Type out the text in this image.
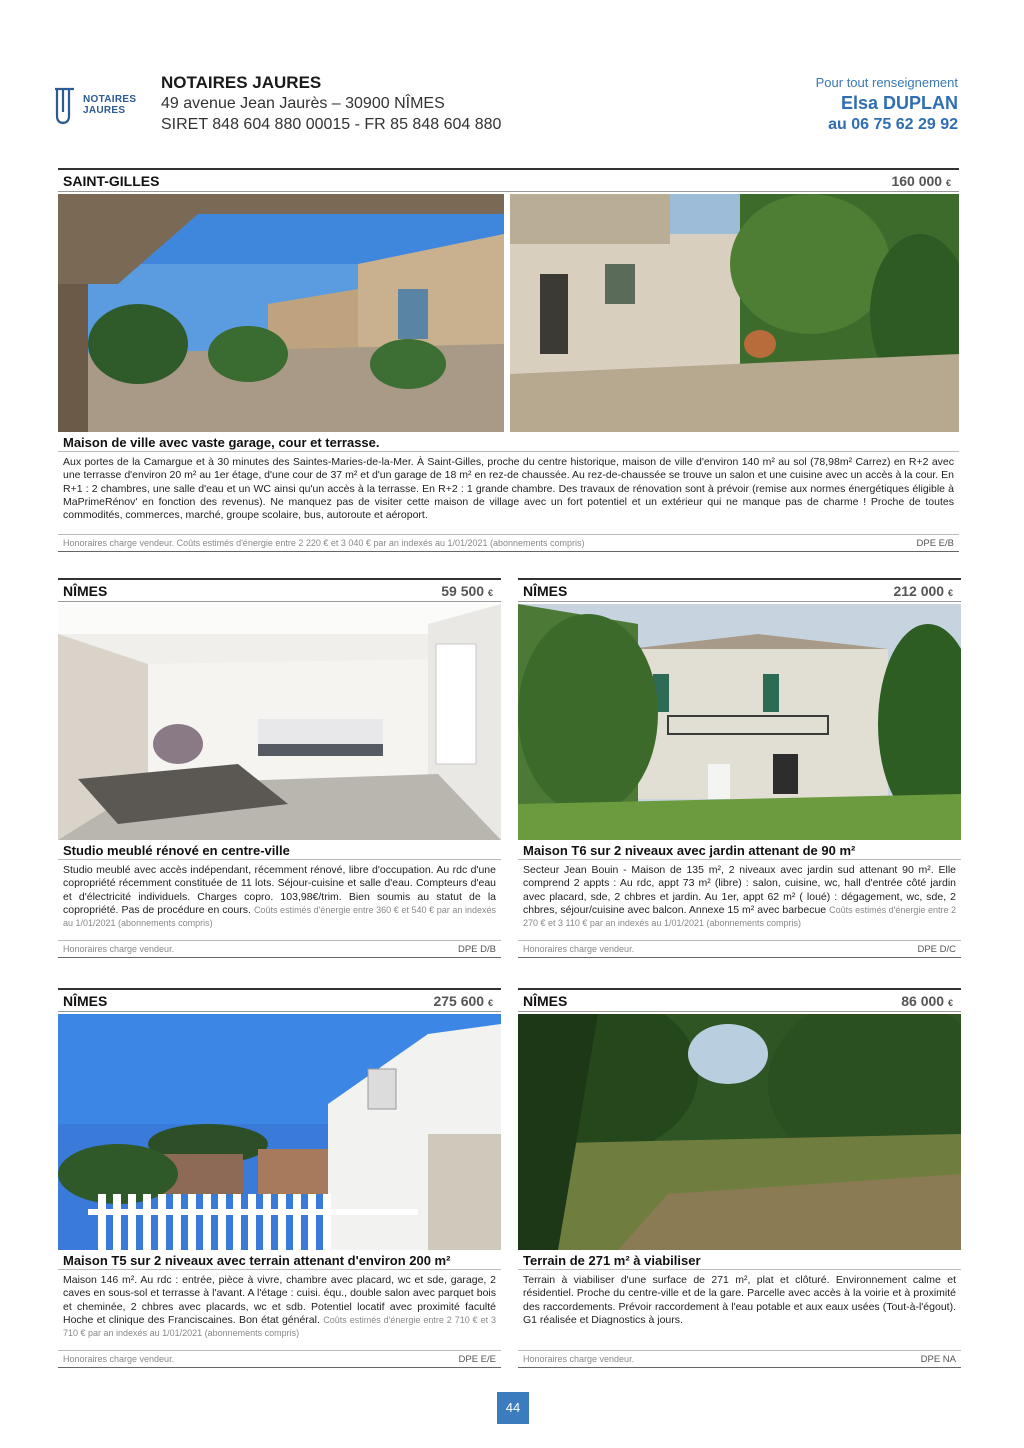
NOTAIRES
JAURES
NOTAIRES JAURES
49 avenue Jean Jaurès – 30900 NÎMES
SIRET 848 604 880 00015 - FR 85 848 604 880
Pour tout renseignement
Elsa DUPLAN
au 06 75 62 29 92
SAINT-GILLES	160 000 €
Maison de ville avec vaste garage, cour et terrasse.
Aux portes de la Camargue et à 30 minutes des Saintes-Maries-de-la-Mer. À Saint-Gilles, proche du centre historique, maison de ville d'environ 140 m² au sol (78,98m² Carrez) en R+2 avec une terrasse d'environ 20 m² au 1er étage, d'une cour de 37 m² et d'un garage de 18 m² en rez-de chaussée. Au rez-de-chaussée se trouve un salon et une cuisine avec un accès à la cour. En R+1 : 2 chambres, une salle d'eau et un WC ainsi qu'un accès à la terrasse. En R+2 : 1 grande chambre. Des travaux de rénovation sont à prévoir (remise aux normes énergétiques éligible à MaPrimeRénov' en fonction des revenus). Ne manquez pas de visiter cette maison de village avec un fort potentiel et un extérieur qui ne manque pas de charme ! Proche de toutes commodités, commerces, marché, groupe scolaire, bus, autoroute et aéroport.
Honoraires charge vendeur. Coûts estimés d'énergie entre 2 220 € et 3 040 € par an indexés au 1/01/2021 (abonnements compris)	DPE E/B
NÎMES	59 500 €
Studio meublé rénové en centre-ville
Studio meublé avec accès indépendant, récemment rénové, libre d'occupation. Au rdc d'une copropriété récemment constituée de 11 lots. Séjour-cuisine et salle d'eau. Compteurs d'eau et d'électricité individuels. Charges copro. 103,98€/trim. Bien soumis au statut de la copropriété. Pas de procédure en cours. Coûts estimés d'énergie entre 360 € et 540 € par an indexés au 1/01/2021 (abonnements compris)
Honoraires charge vendeur.	DPE D/B
NÎMES	212 000 €
Maison T6 sur 2 niveaux avec jardin attenant de 90 m²
Secteur Jean Bouin - Maison de 135 m², 2 niveaux avec jardin sud attenant 90 m². Elle comprend 2 appts : Au rdc, appt 73 m² (libre) : salon, cuisine, wc, hall d'entrée côté jardin avec placard, sde, 2 chbres et jardin. Au 1er, appt 62 m² ( loué) : dégagement, wc, sde, 2 chbres, séjour/cuisine avec balcon. Annexe 15 m² avec barbecue Coûts estimés d'énergie entre 2 270 € et 3 110 € par an indexés au 1/01/2021 (abonnements compris)
Honoraires charge vendeur.	DPE D/C
NÎMES	275 600 €
Maison T5 sur 2 niveaux avec terrain attenant d'environ 200 m²
Maison 146 m². Au rdc : entrée, pièce à vivre, chambre avec placard, wc et sde, garage, 2 caves en sous-sol et terrasse à l'avant. A l'étage : cuisi. équ., double salon avec parquet bois et cheminée, 2 chbres avec placards, wc et sdb. Potentiel locatif avec proximité faculté Hoche et clinique des Franciscaines. Bon état général. Coûts estimés d'énergie entre 2 710 € et 3 710 € par an indexés au 1/01/2021 (abonnements compris)
Honoraires charge vendeur.	DPE E/E
NÎMES	86 000 €
Terrain de 271 m² à viabiliser
Terrain à viabiliser d'une surface de 271 m², plat et clôturé. Environnement calme et résidentiel. Proche du centre-ville et de la gare. Parcelle avec accès à la voirie et à proximité des raccordements. Prévoir raccordement à l'eau potable et aux eaux usées (Tout-à-l'égout). G1 réalisée et Diagnostics à jours.
Honoraires charge vendeur.	DPE NA
44
